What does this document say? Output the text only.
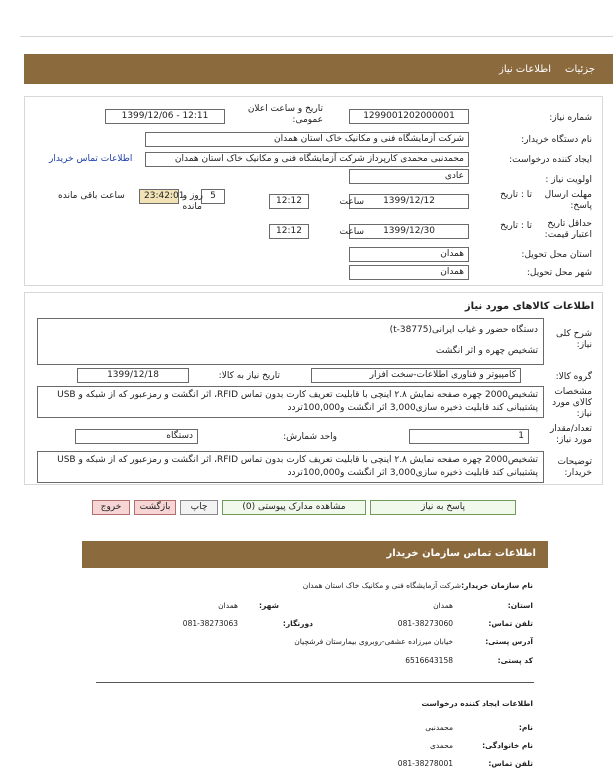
جزئیات
اطلاعات نیاز
شماره نیاز:
1299001202000001
تاریخ و ساعت اعلان عمومی:
1399/12/06 - 12:11
نام دستگاه خریدار:
شرکت آزمایشگاه فنی و مکانیک خاک استان همدان
ایجاد کننده درخواست:
محمدنبی محمدی کارپرداز شرکت آزمایشگاه فنی و مکانیک خاک استان همدان
اطلاعات تماس خریدار
اولویت نیاز :
عادی
مهلت ارسال پاسخ:
تا : تاریخ
1399/12/12
ساعت
12:12
5
روز و
23:42:01
مانده
ساعت باقی مانده
حداقل تاریخ اعتبار قیمت:
تا : تاریخ
1399/12/30
ساعت
12:12
استان محل تحویل:
همدان
شهر محل تحویل:
همدان
اطلاعات کالاهای مورد نیاز
شرح کلی نیاز:
دستگاه حضور و غیاب ایرانی(t-38775)
تشخیص چهره و اثر انگشت
گروه کالا:
کامپیوتر و فناوری اطلاعات-سخت افزار
تاریخ نیاز به کالا:
1399/12/18
مشخصات کالای مورد نیاز:
تشخیص2000 چهره صفحه نمایش ۲.۸ اینچی با قابلیت تعریف کارت بدون تماس RFID، اثر انگشت و رمزعبور که از شبکه و USB پشتیبانی کند قابلیت ذخیره سازی3,000 اثر انگشت و100,000تردد
تعداد/مقدار مورد نیاز:
1
واحد شمارش:
دستگاه
توضیحات خریدار:
تشخیص2000 چهره صفحه نمایش ۲.۸ اینچی با قابلیت تعریف کارت بدون تماس RFID، اثر انگشت و رمزعبور که از شبکه و USB پشتیبانی کند قابلیت ذخیره سازی3,000 اثر انگشت و100,000تردد
پاسخ به نیاز
مشاهده مدارک پیوستی (0)
چاپ
بازگشت
خروج
اطلاعات تماس سازمان خریدار
نام سازمان خریدار:
شرکت آزمایشگاه فنی و مکانیک خاک استان همدان
استان:
همدان
شهر:
همدان
تلفن تماس:
081-38273060
دورنگار:
081-38273063
آدرس پستی:
خیابان میرزاده عشقی-روبروی بیمارستان فرشچیان
کد پستی:
6516643158
اطلاعات ایجاد کننده درخواست
نام:
محمدنبی
نام خانوادگی:
محمدی
تلفن تماس:
081-38278001
